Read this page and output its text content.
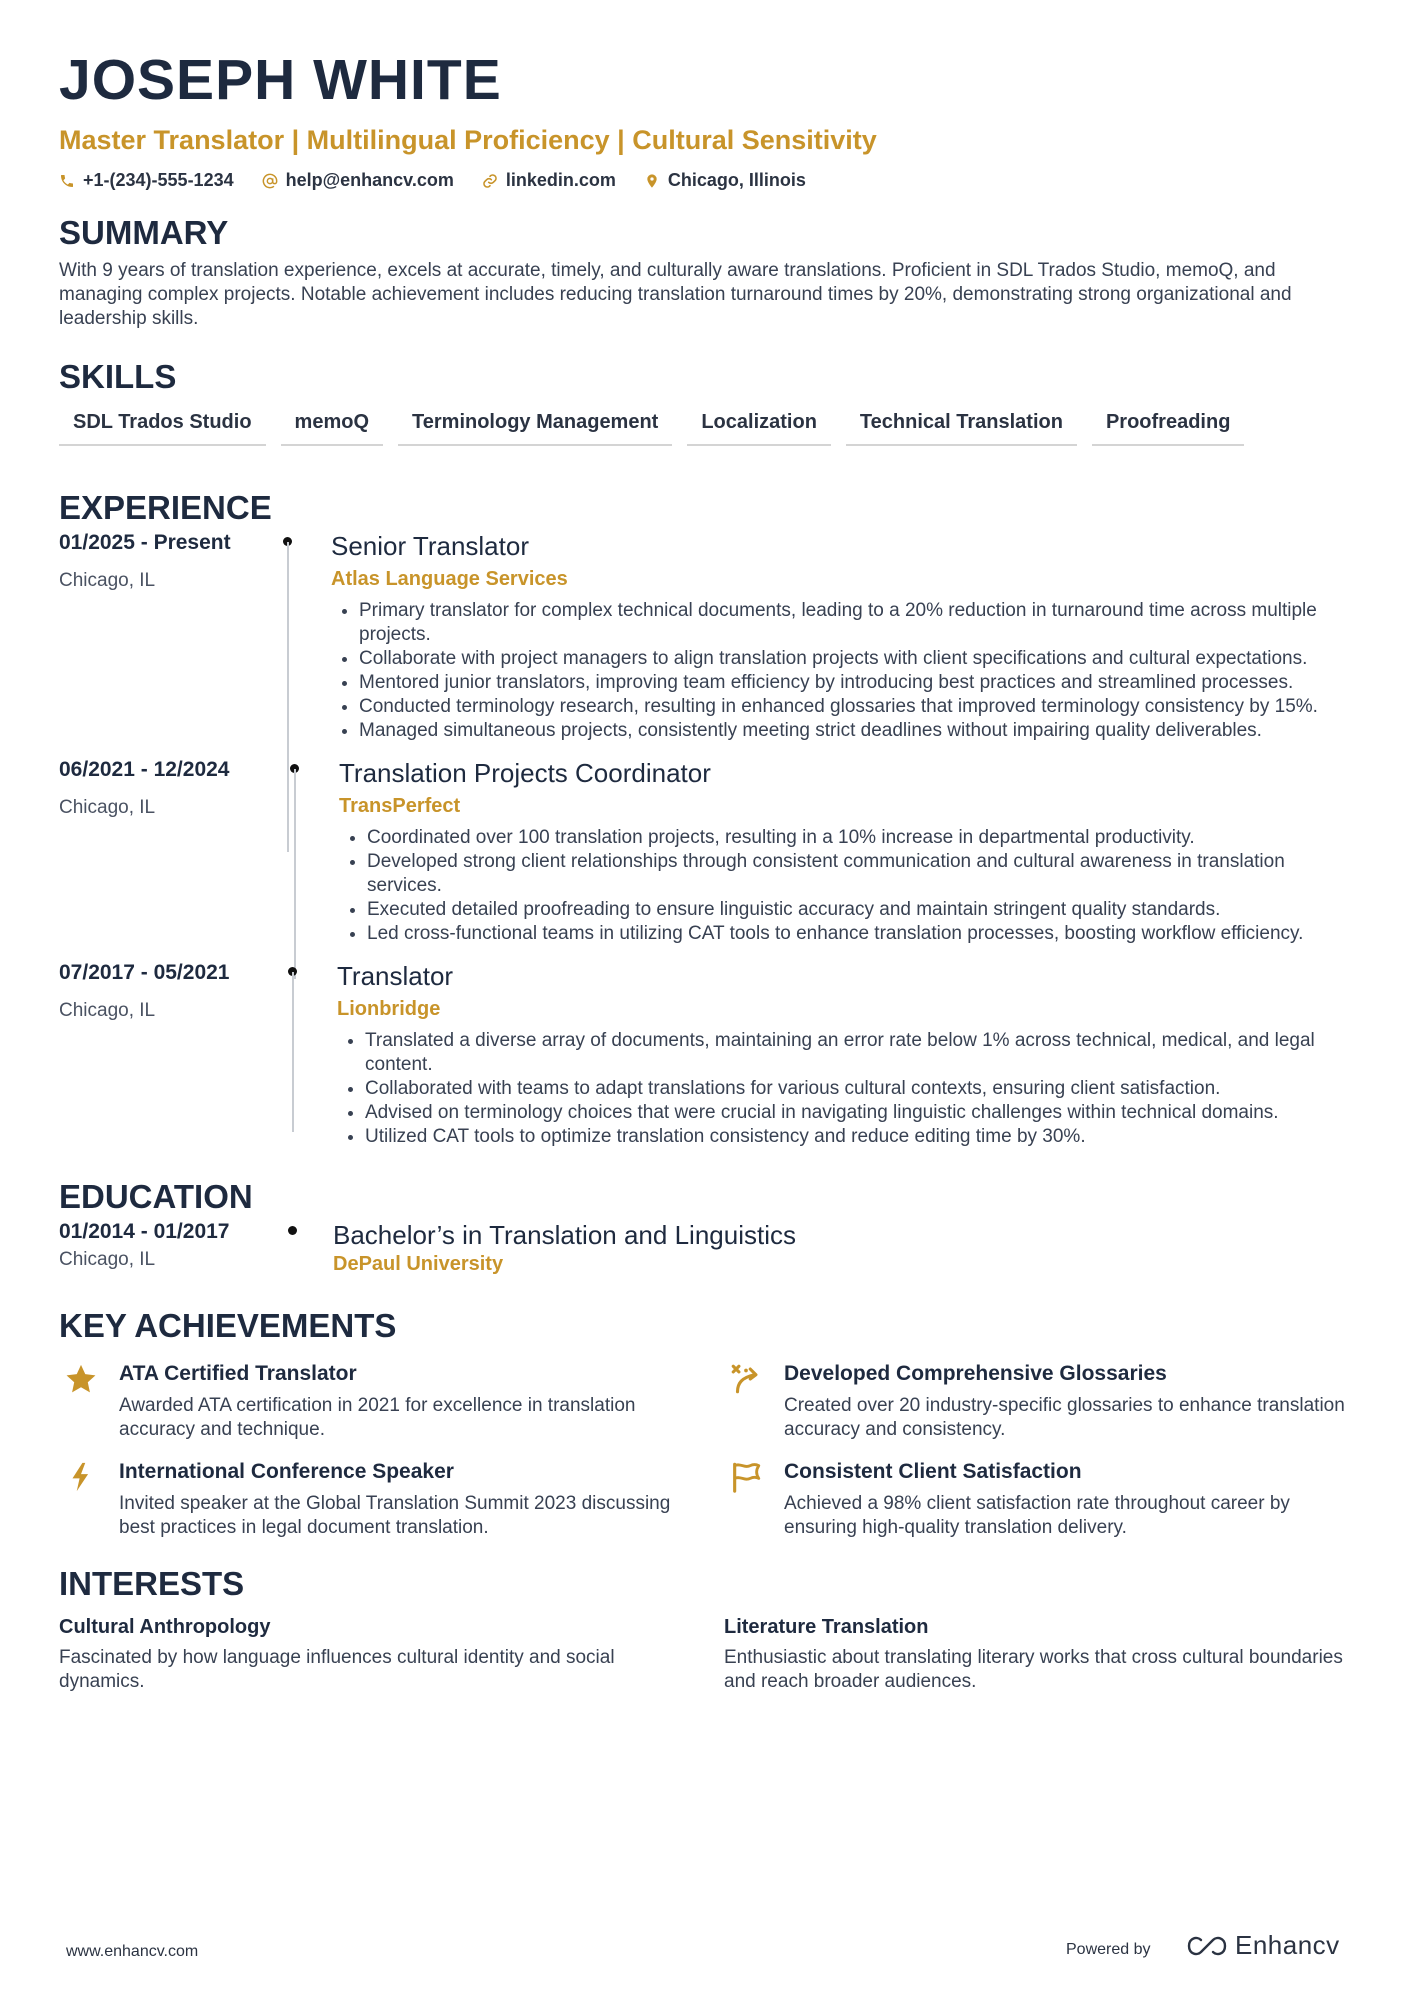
JOSEPH WHITE
Master Translator | Multilingual Proficiency | Cultural Sensitivity
+1-(234)-555-1234	help@enhancv.com	linkedin.com	Chicago, Illinois
SUMMARY
With 9 years of translation experience, excels at accurate, timely, and culturally aware translations. Proficient in SDL Trados Studio, memoQ, and managing complex projects. Notable achievement includes reducing translation turnaround times by 20%, demonstrating strong organizational and leadership skills.
SKILLS
SDL Trados Studio	memoQ	Terminology Management	Localization	Technical Translation	Proofreading
EXPERIENCE
01/2025 - Present
Chicago, IL
Senior Translator
Atlas Language Services
• Primary translator for complex technical documents, leading to a 20% reduction in turnaround time across multiple projects.
• Collaborate with project managers to align translation projects with client specifications and cultural expectations.
• Mentored junior translators, improving team efficiency by introducing best practices and streamlined processes.
• Conducted terminology research, resulting in enhanced glossaries that improved terminology consistency by 15%.
• Managed simultaneous projects, consistently meeting strict deadlines without impairing quality deliverables.
06/2021 - 12/2024
Chicago, IL
Translation Projects Coordinator
TransPerfect
• Coordinated over 100 translation projects, resulting in a 10% increase in departmental productivity.
• Developed strong client relationships through consistent communication and cultural awareness in translation services.
• Executed detailed proofreading to ensure linguistic accuracy and maintain stringent quality standards.
• Led cross-functional teams in utilizing CAT tools to enhance translation processes, boosting workflow efficiency.
07/2017 - 05/2021
Chicago, IL
Translator
Lionbridge
• Translated a diverse array of documents, maintaining an error rate below 1% across technical, medical, and legal content.
• Collaborated with teams to adapt translations for various cultural contexts, ensuring client satisfaction.
• Advised on terminology choices that were crucial in navigating linguistic challenges within technical domains.
• Utilized CAT tools to optimize translation consistency and reduce editing time by 30%.
EDUCATION
01/2014 - 01/2017
Chicago, IL
Bachelor’s in Translation and Linguistics
DePaul University
KEY ACHIEVEMENTS
ATA Certified Translator
Awarded ATA certification in 2021 for excellence in translation accuracy and technique.
Developed Comprehensive Glossaries
Created over 20 industry-specific glossaries to enhance translation accuracy and consistency.
International Conference Speaker
Invited speaker at the Global Translation Summit 2023 discussing best practices in legal document translation.
Consistent Client Satisfaction
Achieved a 98% client satisfaction rate throughout career by ensuring high-quality translation delivery.
INTERESTS
Cultural Anthropology
Fascinated by how language influences cultural identity and social dynamics.
Literature Translation
Enthusiastic about translating literary works that cross cultural boundaries and reach broader audiences.
www.enhancv.com	Powered by	Enhancv
